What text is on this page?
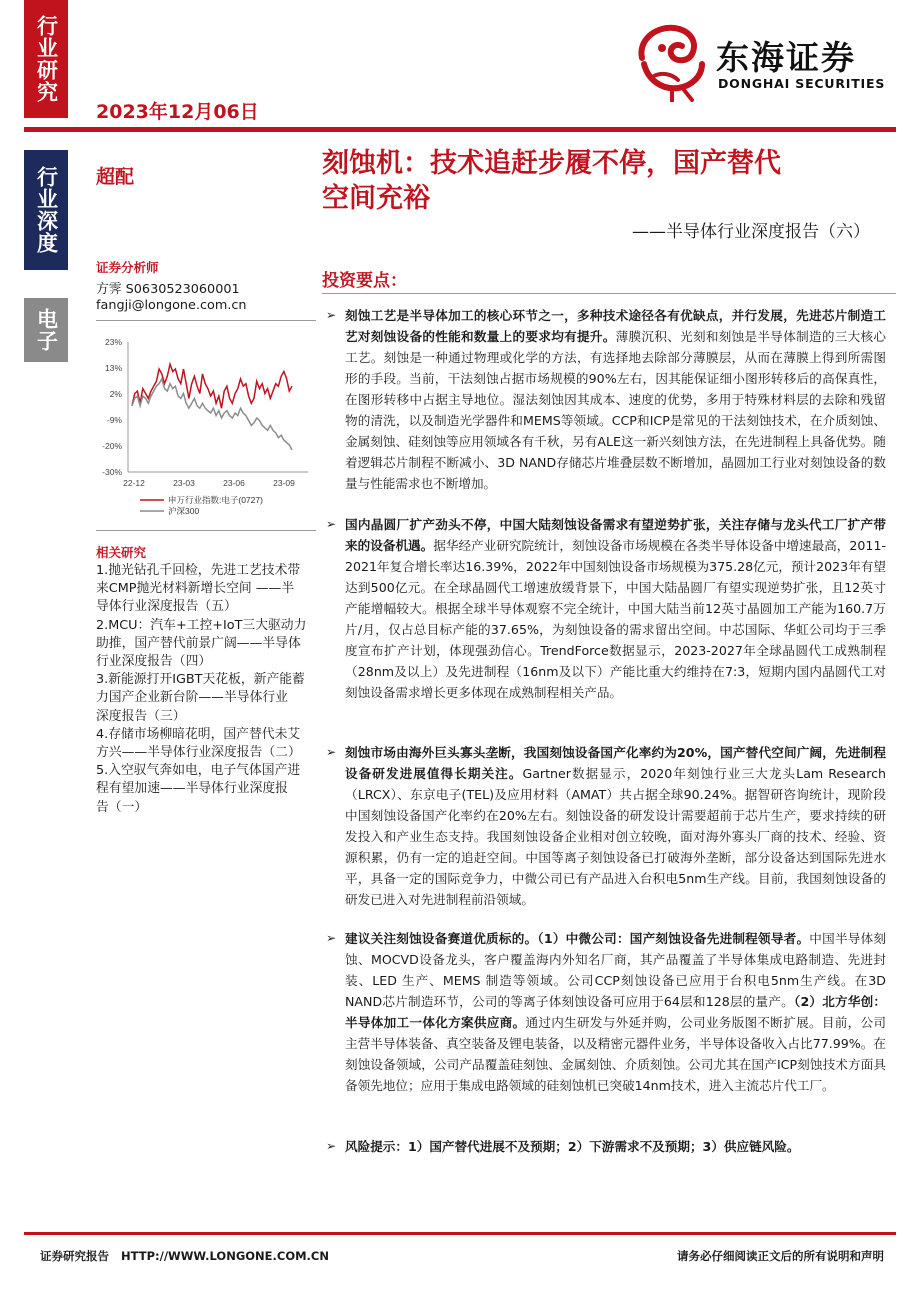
行业研究
行业深度
电子
2023年12月06日
东海证券
DONGHAI SECURITIES
超配	刻蚀机：技术追赶步履不停，国产替代
空间充裕
——半导体行业深度报告（六）
证券分析师
方霁 S0630523060001
fangji@longone.com.cn
23%
13%
2%
-9%
-20%
-30%
22-12	23-03	23-06	23-09
申万行业指数:电子(0727)
沪深300
相关研究
1.抛光钻孔千回检，先进工艺技术带
来CMP抛光材料新增长空间 ——半
导体行业深度报告（五）
2.MCU：汽车+工控+IoT三大驱动力
助推，国产替代前景广阔——半导体
行业深度报告（四）
3.新能源打开IGBT天花板，新产能蓄
力国产企业新台阶——半导体行业
深度报告（三）
4.存储市场柳暗花明，国产替代未艾
方兴——半导体行业深度报告（二）
5.入空驭气奔如电，电子气体国产进
程有望加速——半导体行业深度报
告（一）
投资要点：
➢ 刻蚀工艺是半导体加工的核心环节之一，多种技术途径各有优缺点，并行发展，先进芯片制造工艺对刻蚀设备的性能和数量上的要求均有提升。薄膜沉积、光刻和刻蚀是半导体制造的三大核心工艺。刻蚀是一种通过物理或化学的方法，有选择地去除部分薄膜层，从而在薄膜上得到所需图形的手段。当前，干法刻蚀占据市场规模的90%左右，因其能保证细小图形转移后的高保真性，在图形转移中占据主导地位。湿法刻蚀因其成本、速度的优势，多用于特殊材料层的去除和残留物的清洗，以及制造光学器件和MEMS等领域。CCP和ICP是常见的干法刻蚀技术，在介质刻蚀、金属刻蚀、硅刻蚀等应用领域各有千秋，另有ALE这一新兴刻蚀方法，在先进制程上具备优势。随着逻辑芯片制程不断减小、3D NAND存储芯片堆叠层数不断增加，晶圆加工行业对刻蚀设备的数量与性能需求也不断增加。
➢ 国内晶圆厂扩产劲头不停，中国大陆刻蚀设备需求有望逆势扩张，关注存储与龙头代工厂扩产带来的设备机遇。据华经产业研究院统计，刻蚀设备市场规模在各类半导体设备中增速最高，2011-2021年复合增长率达16.39%，2022年中国刻蚀设备市场规模为375.28亿元，预计2023年有望达到500亿元。在全球晶圆代工增速放缓背景下，中国大陆晶圆厂有望实现逆势扩张，且12英寸产能增幅较大。根据全球半导体观察不完全统计，中国大陆当前12英寸晶圆加工产能为160.7万片/月，仅占总目标产能的37.65%，为刻蚀设备的需求留出空间。中芯国际、华虹公司均于三季度宣布扩产计划，体现强劲信心。TrendForce数据显示，2023-2027年全球晶圆代工成熟制程（28nm及以上）及先进制程（16nm及以下）产能比重大约维持在7:3，短期内国内晶圆代工对刻蚀设备需求增长更多体现在成熟制程相关产品。
➢ 刻蚀市场由海外巨头寡头垄断，我国刻蚀设备国产化率约为20%，国产替代空间广阔，先进制程设备研发进展值得长期关注。Gartner数据显示，2020年刻蚀行业三大龙头Lam Research（LRCX）、东京电子(TEL)及应用材料（AMAT）共占据全球90.24%。据智研咨询统计，现阶段中国刻蚀设备国产化率约在20%左右。刻蚀设备的研发设计需要超前于芯片生产，要求持续的研发投入和产业生态支持。我国刻蚀设备企业相对创立较晚，面对海外寡头厂商的技术、经验、资源积累，仍有一定的追赶空间。中国等离子刻蚀设备已打破海外垄断，部分设备达到国际先进水平，具备一定的国际竞争力，中微公司已有产品进入台积电5nm生产线。目前，我国刻蚀设备的研发已进入对先进制程前沿领域。
➢ 建议关注刻蚀设备赛道优质标的。（1）中微公司：国产刻蚀设备先进制程领导者。中国半导体刻蚀、MOCVD设备龙头，客户覆盖海内外知名厂商，其产品覆盖了半导体集成电路制造、先进封装、LED 生产、MEMS 制造等领域。公司CCP刻蚀设备已应用于台积电5nm生产线。在3D NAND芯片制造环节，公司的等离子体刻蚀设备可应用于64层和128层的量产。（2）北方华创：半导体加工一体化方案供应商。通过内生研发与外延并购，公司业务版图不断扩展。目前，公司主营半导体装备、真空装备及锂电装备，以及精密元器件业务，半导体设备收入占比77.99%。在刻蚀设备领域，公司产品覆盖硅刻蚀、金属刻蚀、介质刻蚀。公司尤其在国产ICP刻蚀技术方面具备领先地位；应用于集成电路领域的硅刻蚀机已突破14nm技术，进入主流芯片代工厂。
➢ 风险提示：1）国产替代进展不及预期；2）下游需求不及预期；3）供应链风险。
证券研究报告 HTTP://WWW.LONGONE.COM.CN	请务必仔细阅读正文后的所有说明和声明
